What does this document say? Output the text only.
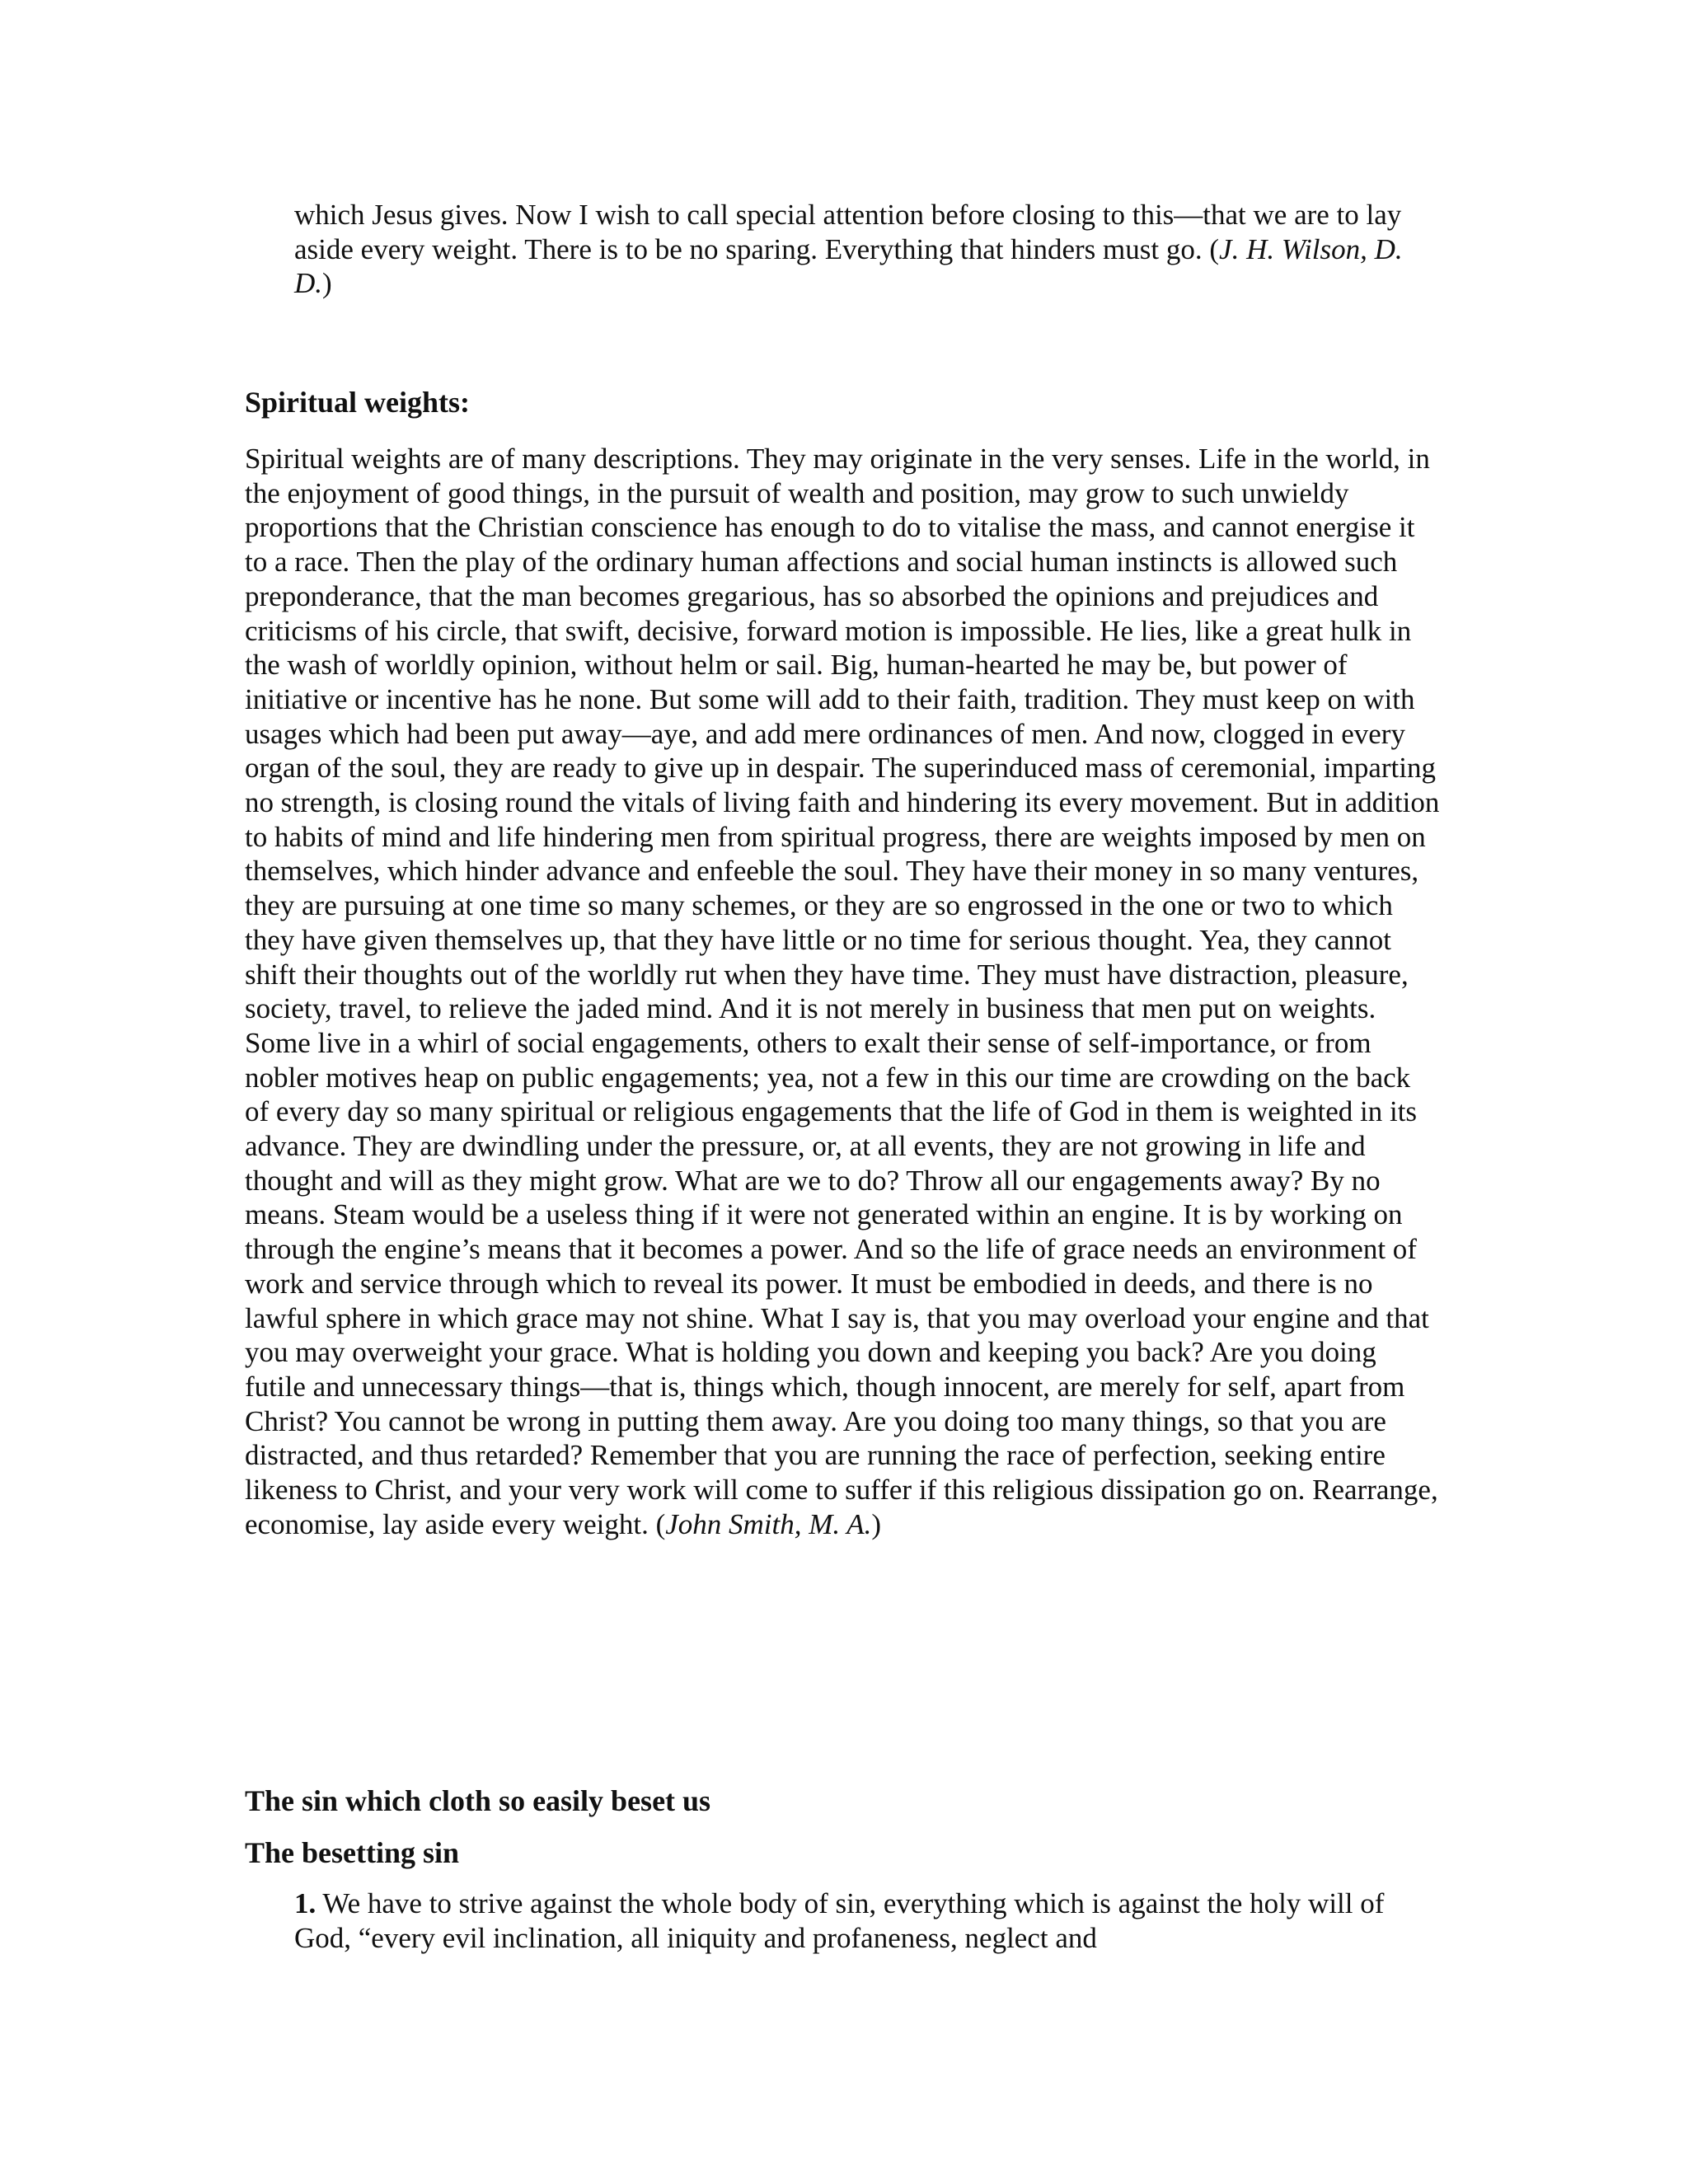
which Jesus gives. Now I wish to call special attention before closing to this—that we are to lay aside every weight. There is to be no sparing. Everything that hinders must go. (J. H. Wilson, D. D.)

Spiritual weights:

Spiritual weights are of many descriptions. They may originate in the very senses. Life in the world, in the enjoyment of good things, in the pursuit of wealth and position, may grow to such unwieldy proportions that the Christian conscience has enough to do to vitalise the mass, and cannot energise it to a race. Then the play of the ordinary human affections and social human instincts is allowed such preponderance, that the man becomes gregarious, has so absorbed the opinions and prejudices and criticisms of his circle, that swift, decisive, forward motion is impossible. He lies, like a great hulk in the wash of worldly opinion, without helm or sail. Big, human-hearted he may be, but power of initiative or incentive has he none. But some will add to their faith, tradition. They must keep on with usages which had been put away—aye, and add mere ordinances of men. And now, clogged in every organ of the soul, they are ready to give up in despair. The superinduced mass of ceremonial, imparting no strength, is closing round the vitals of living faith and hindering its every movement. But in addition to habits of mind and life hindering men from spiritual progress, there are weights imposed by men on themselves, which hinder advance and enfeeble the soul. They have their money in so many ventures, they are pursuing at one time so many schemes, or they are so engrossed in the one or two to which they have given themselves up, that they have little or no time for serious thought. Yea, they cannot shift their thoughts out of the worldly rut when they have time. They must have distraction, pleasure, society, travel, to relieve the jaded mind. And it is not merely in business that men put on weights. Some live in a whirl of social engagements, others to exalt their sense of self-importance, or from nobler motives heap on public engagements; yea, not a few in this our time are crowding on the back of every day so many spiritual or religious engagements that the life of God in them is weighted in its advance. They are dwindling under the pressure, or, at all events, they are not growing in life and thought and will as they might grow. What are we to do? Throw all our engagements away? By no means. Steam would be a useless thing if it were not generated within an engine. It is by working on through the engine’s means that it becomes a power. And so the life of grace needs an environment of work and service through which to reveal its power. It must be embodied in deeds, and there is no lawful sphere in which grace may not shine. What I say is, that you may overload your engine and that you may overweight your grace. What is holding you down and keeping you back? Are you doing futile and unnecessary things—that is, things which, though innocent, are merely for self, apart from Christ? You cannot be wrong in putting them away. Are you doing too many things, so that you are distracted, and thus retarded? Remember that you are running the race of perfection, seeking entire likeness to Christ, and your very work will come to suffer if this religious dissipation go on. Rearrange, economise, lay aside every weight. (John Smith, M. A.)

The sin which cloth so easily beset us
The besetting sin

1. We have to strive against the whole body of sin, everything which is against the holy will of God, “every evil inclination, all iniquity and profaneness, neglect and
